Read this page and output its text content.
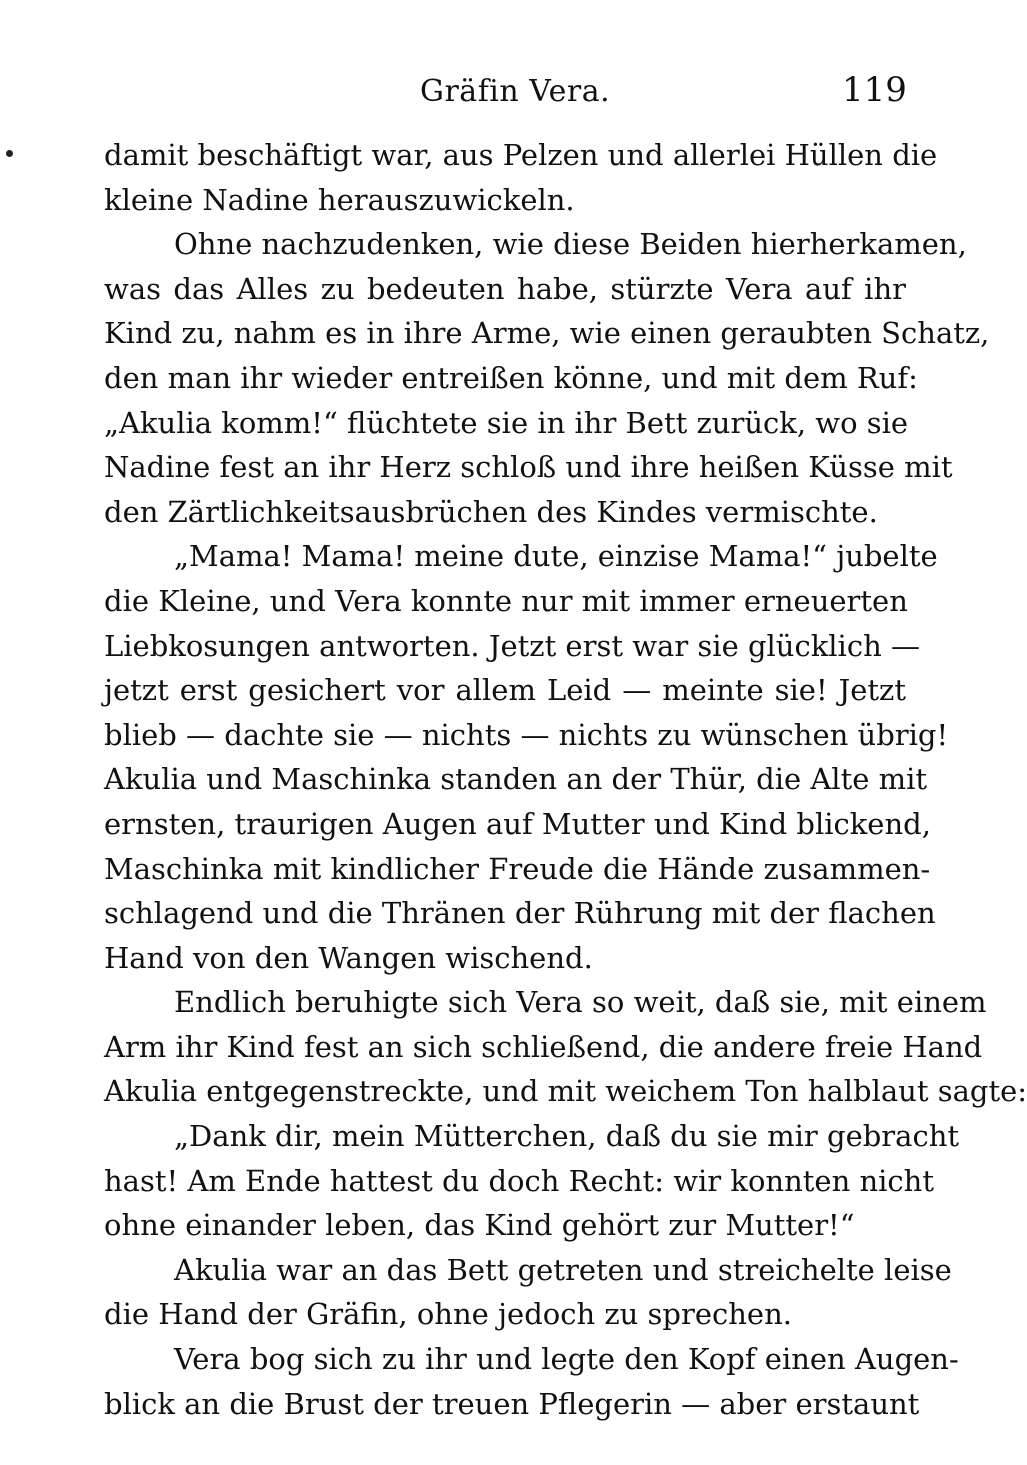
Gräfin Vera.	119
damit beschäftigt war, aus Pelzen und allerlei Hüllen die
kleine Nadine herauszuwickeln.
Ohne nachzudenken, wie diese Beiden hierherkamen,
was das Alles zu bedeuten habe, stürzte Vera auf ihr
Kind zu, nahm es in ihre Arme, wie einen geraubten Schatz,
den man ihr wieder entreißen könne, und mit dem Ruf:
„Akulia komm!“ flüchtete sie in ihr Bett zurück, wo sie
Nadine fest an ihr Herz schloß und ihre heißen Küsse mit
den Zärtlichkeitsausbrüchen des Kindes vermischte.
„Mama! Mama! meine dute, einzise Mama!“ jubelte
die Kleine, und Vera konnte nur mit immer erneuerten
Liebkosungen antworten. Jetzt erst war sie glücklich —
jetzt erst gesichert vor allem Leid — meinte sie! Jetzt
blieb — dachte sie — nichts — nichts zu wünschen übrig!
Akulia und Maschinka standen an der Thür, die Alte mit
ernsten, traurigen Augen auf Mutter und Kind blickend,
Maschinka mit kindlicher Freude die Hände zusammen-
schlagend und die Thränen der Rührung mit der flachen
Hand von den Wangen wischend.
Endlich beruhigte sich Vera so weit, daß sie, mit einem
Arm ihr Kind fest an sich schließend, die andere freie Hand
Akulia entgegenstreckte, und mit weichem Ton halblaut sagte:
„Dank dir, mein Mütterchen, daß du sie mir gebracht
hast! Am Ende hattest du doch Recht: wir konnten nicht
ohne einander leben, das Kind gehört zur Mutter!“
Akulia war an das Bett getreten und streichelte leise
die Hand der Gräfin, ohne jedoch zu sprechen.
Vera bog sich zu ihr und legte den Kopf einen Augen-
blick an die Brust der treuen Pflegerin — aber erstaunt
